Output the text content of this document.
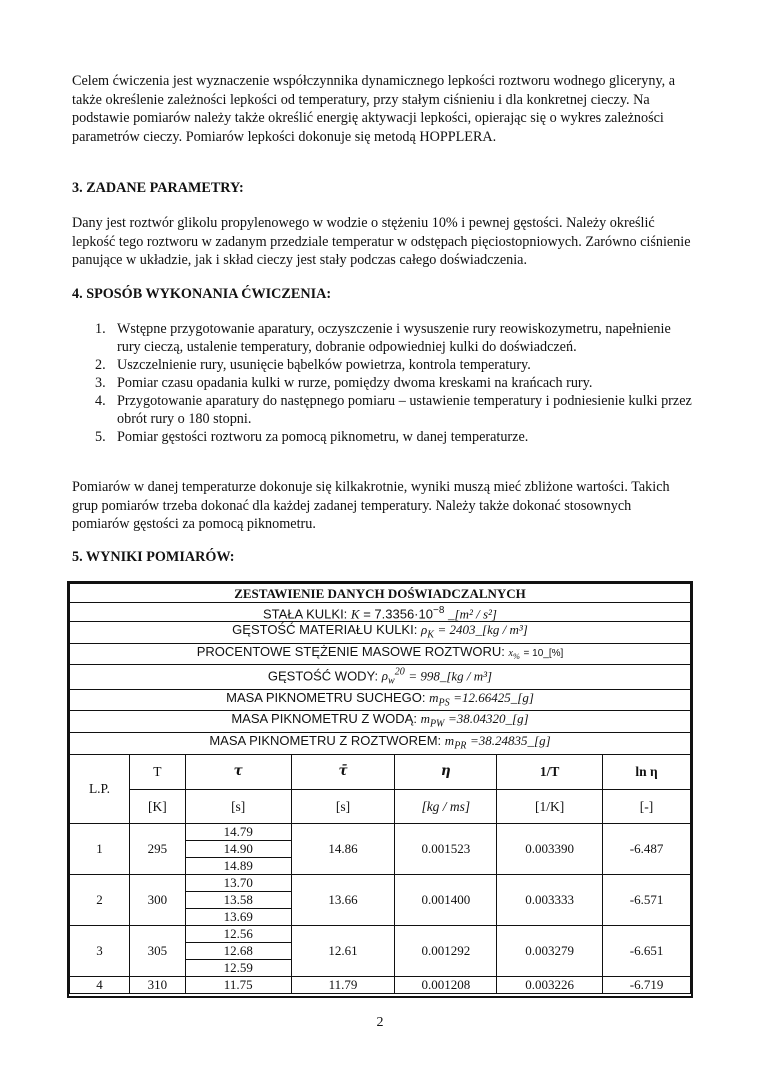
Celem ćwiczenia jest wyznaczenie współczynnika dynamicznego lepkości roztworu wodnego gliceryny, a także określenie zależności lepkości od temperatury, przy stałym ciśnieniu i dla konkretnej cieczy. Na podstawie pomiarów należy także określić energię aktywacji lepkości, opierając się o wykres zależności parametrów cieczy. Pomiarów lepkości dokonuje się metodą HOPPLERA.

3. ZADANE PARAMETRY:

Dany jest roztwór glikolu propylenowego w wodzie o stężeniu 10% i pewnej gęstości. Należy określić lepkość tego roztworu w zadanym przedziale temperatur w odstępach pięciostopniowych. Zarówno ciśnienie panujące w układzie, jak i skład cieczy jest stały podczas całego doświadczenia.

4. SPOSÓB WYKONANIA ĆWICZENIA:

1. Wstępne przygotowanie aparatury, oczyszczenie i wysuszenie rury reowiskozymetru, napełnienie rury cieczą, ustalenie temperatury, dobranie odpowiedniej kulki do doświadczeń.
2. Uszczelnienie rury, usunięcie bąbelków powietrza, kontrola temperatury.
3. Pomiar czasu opadania kulki w rurze, pomiędzy dwoma kreskami na krańcach rury.
4. Przygotowanie aparatury do następnego pomiaru – ustawienie temperatury i podniesienie kulki przez obrót rury o 180 stopni.
5. Pomiar gęstości roztworu za pomocą piknometru, w danej temperaturze.

Pomiarów w danej temperaturze dokonuje się kilkakrotnie, wyniki muszą mieć zbliżone wartości. Takich grup pomiarów trzeba dokonać dla każdej zadanej temperatury. Należy także dokonać stosownych pomiarów gęstości za pomocą piknometru.

5. WYNIKI POMIARÓW:

ZESTAWIENIE DANYCH DOŚWIADCZALNYCH						
STAŁA KULKI: $K = 7.3356\cdot 10^{-8}$ _[m² / s²]						
GĘSTOŚĆ MATERIAŁU KULKI: $\rho_K$ = 2403_[kg / m³]						
PROCENTOWE STĘŻENIE MASOWE ROZTWORU: $x_{\%}$ = 10_[%]						
GĘSTOŚĆ WODY: $\rho_w^{20}$ = 998_[kg / m³]						
MASA PIKNOMETRU SUCHEGO: $m_{PS}$ =12.66425_[g]						
MASA PIKNOMETRU Z WODĄ: $m_{PW}$ =38.04320_[g]						
MASA PIKNOMETRU Z ROZTWOREM: $m_{PR}$ =38.24835_[g]						
L.P.	T	τ	τ̄	η	1/T	ln η
	[K]	[s]	[s]	[kg / ms]	[1/K]	[-]
1	295	14.79	14.86	0.001523	0.003390	-6.487
		14.90				
		14.89				
2	300	13.70	13.66	0.001400	0.003333	-6.571
		13.58				
		13.69				
3	305	12.56	12.61	0.001292	0.003279	-6.651
		12.68				
		12.59				
4	310	11.75	11.79	0.001208	0.003226	-6.719
2
